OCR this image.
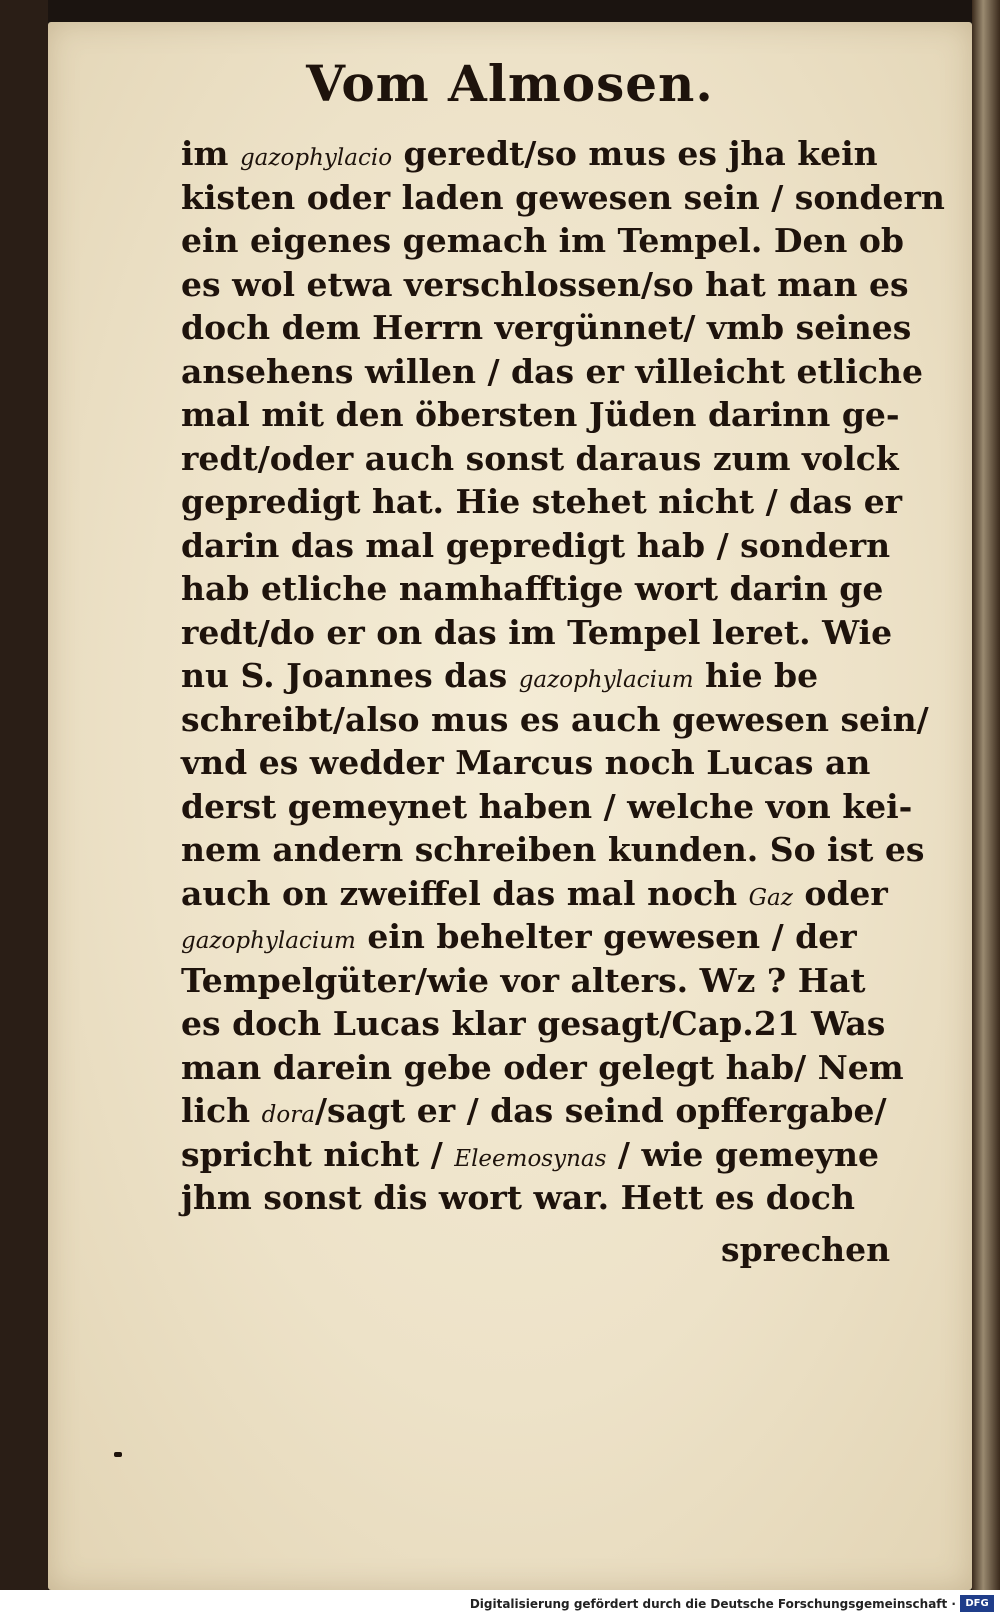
Vom Almosen.
im gazophylacio geredt/so mus es jha kein
kisten oder laden gewesen sein / sondern
ein eigenes gemach im Tempel. Den ob
es wol etwa verschlossen/so hat man es
doch dem Herrn vergünnet/ vmb seines
ansehens willen / das er villeicht etliche
mal mit den öbersten Jüden darinn ge-
redt/oder auch sonst daraus zum volck
gepredigt hat. Hie stehet nicht / das er
darin das mal gepredigt hab / sondern
hab etliche namhafftige wort darin ge
redt/do er on das im Tempel leret. Wie
nu S. Joannes das gazophylacium hie be
schreibt/also mus es auch gewesen sein/
vnd es wedder Marcus noch Lucas an
derst gemeynet haben / welche von kei-
nem andern schreiben kunden. So ist es
auch on zweiffel das mal noch Gaz oder
gazophylacium ein behelter gewesen / der
Tempelgüter/wie vor alters. Wz ? Hat
es doch Lucas klar gesagt/Cap.21 Was
man darein gebe oder gelegt hab/ Nem
lich dora/sagt er / das seind opffergabe/
spricht nicht / Eleemosynas / wie gemeyne
jhm sonst dis wort war. Hett es doch
sprechen
Digitalisierung gefördert durch die Deutsche Forschungsgemeinschaft · DFG
